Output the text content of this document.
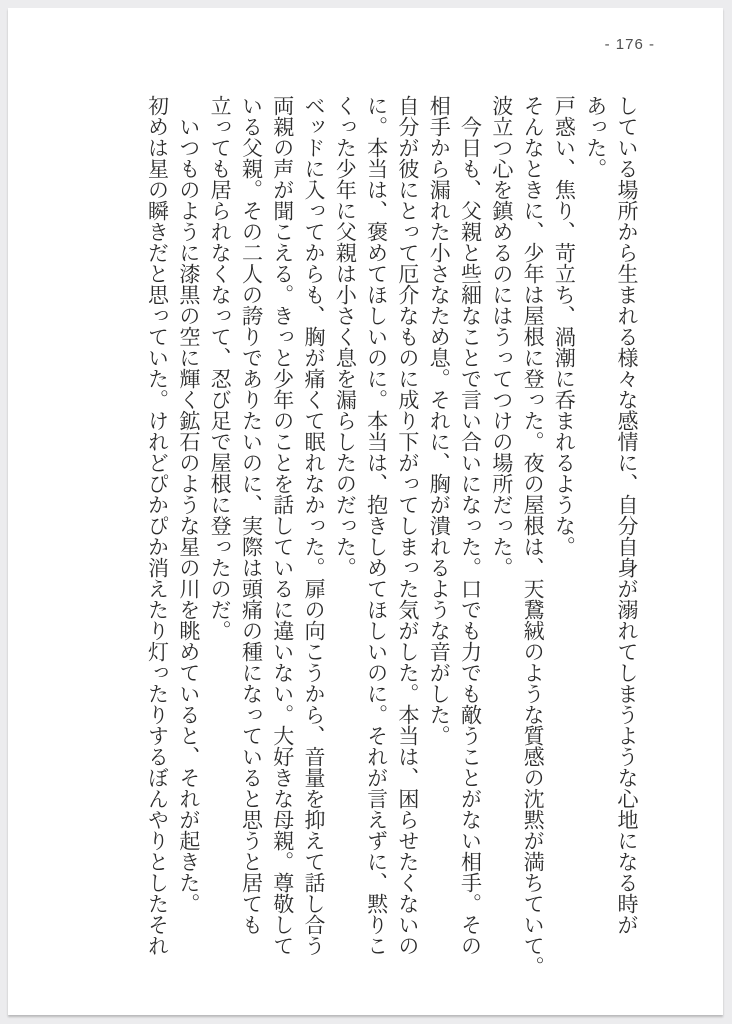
- 176 -
している場所から生まれる様々な感情に、自分自身が溺れてしまうような心地になる時が
あった。
戸惑い、焦り、苛立ち、渦潮に呑まれるような。
そんなときに、少年は屋根に登った。夜の屋根は、天鵞絨のような質感の沈黙が満ちていて。
波立つ心を鎮めるのにはうってつけの場所だった。
　今日も、父親と些細なことで言い合いになった。口でも力でも敵うことがない相手。その
相手から漏れた小さなため息。それに、胸が潰れるような音がした。
自分が彼にとって厄介なものに成り下がってしまった気がした。本当は、困らせたくないの
に。本当は、褒めてほしいのに。本当は、抱きしめてほしいのに。それが言えずに、黙りこ
くった少年に父親は小さく息を漏らしたのだった。
ベッドに入ってからも、胸が痛くて眠れなかった。扉の向こうから、音量を抑えて話し合う
両親の声が聞こえる。きっと少年のことを話しているに違いない。大好きな母親。尊敬して
いる父親。その二人の誇りでありたいのに、実際は頭痛の種になっていると思うと居ても
立っても居られなくなって、忍び足で屋根に登ったのだ。
　いつものように漆黒の空に輝く鉱石のような星の川を眺めていると、それが起きた。
初めは星の瞬きだと思っていた。けれどぴかぴか消えたり灯ったりするぼんやりとしたそれ
